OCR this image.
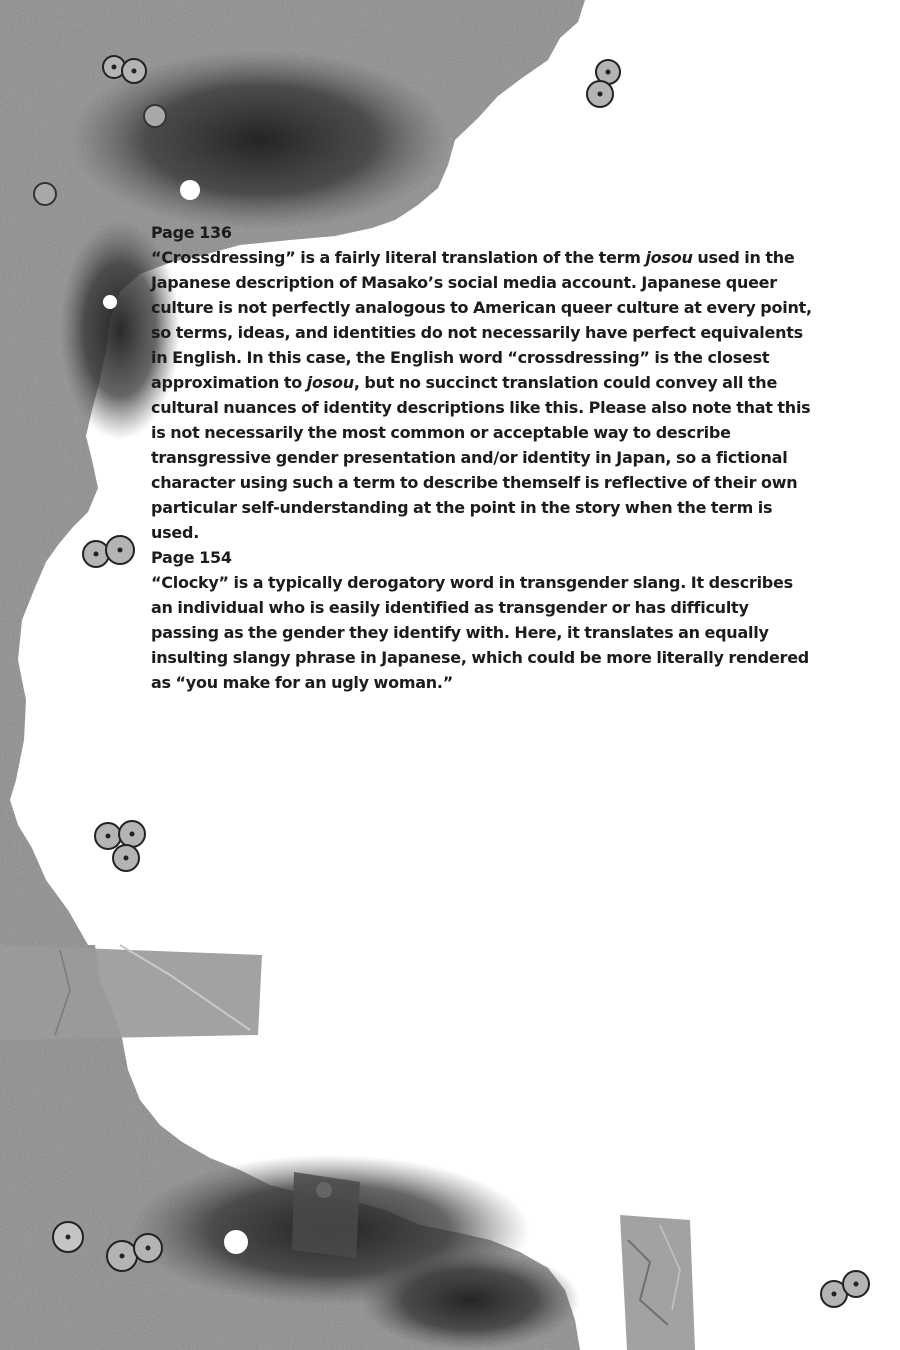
Page 136

“Crossdressing” is a fairly literal translation of the term josou used in the Japanese description of Masako’s social media account. Japanese queer culture is not perfectly analogous to American queer culture at every point, so terms, ideas, and identities do not necessarily have perfect equivalents in English. In this case, the English word “crossdressing” is the closest approximation to josou, but no succinct translation could convey all the cultural nuances of identity descriptions like this. Please also note that this is not necessarily the most common or acceptable way to describe transgressive gender presentation and/or identity in Japan, so a fictional character using such a term to describe themself is reflective of their own particular self-understanding at the point in the story when the term is used.

Page 154

“Clocky” is a typically derogatory word in transgender slang. It describes an individual who is easily identified as transgender or has difficulty passing as the gender they identify with. Here, it translates an equally insulting slangy phrase in Japanese, which could be more literally rendered as “you make for an ugly woman.”
